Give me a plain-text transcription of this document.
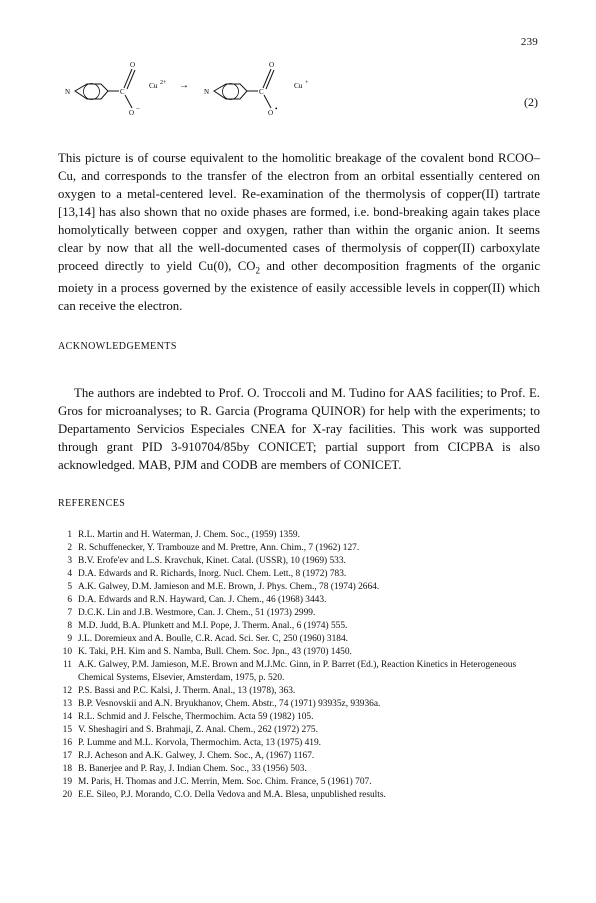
239
N	C
O
O −
Cu 2+ →
N	C
O
O •
Cu +
(2)

This picture is of course equivalent to the homolitic breakage of the covalent bond RCOO–Cu, and corresponds to the transfer of the electron from an orbital essentially centered on oxygen to a metal-centered level. Re-examination of the thermolysis of copper(II) tartrate [13,14] has also shown that no oxide phases are formed, i.e. bond-breaking again takes place homolytically between copper and oxygen, rather than within the organic anion. It seems clear by now that all the well-documented cases of thermolysis of copper(II) carboxylate proceed directly to yield Cu(0), $CO_2$ and other decomposition fragments of the organic moiety in a process governed by the existence of easily accessible levels in copper(II) which can receive the electron.

ACKNOWLEDGEMENTS

The authors are indebted to Prof. O. Troccoli and M. Tudino for AAS facilities; to Prof. E. Gros for microanalyses; to R. Garcia (Programa QUINOR) for help with the experiments; to Departamento Servicios Especiales CNEA for X-ray facilities. This work was supported through grant PID 3-910704/85by CONICET; partial support from CICPBA is also acknowledged. MAB, PJM and CODB are members of CONICET.

REFERENCES
1 R.L. Martin and H. Waterman, J. Chem. Soc., (1959) 1359.
2 R. Schuffenecker, Y. Trambouze and M. Prettre, Ann. Chim., 7 (1962) 127.
3 B.V. Erofe'ev and L.S. Kravchuk, Kinet. Catal. (USSR), 10 (1969) 533.
4 D.A. Edwards and R. Richards, Inorg. Nucl. Chem. Lett., 8 (1972) 783.
5 A.K. Galwey, D.M. Jamieson and M.E. Brown, J. Phys. Chem., 78 (1974) 2664.
6 D.A. Edwards and R.N. Hayward, Can. J. Chem., 46 (1968) 3443.
7 D.C.K. Lin and J.B. Westmore, Can. J. Chem., 51 (1973) 2999.
8 M.D. Judd, B.A. Plunkett and M.I. Pope, J. Therm. Anal., 6 (1974) 555.
9 J.L. Doremieux and A. Boulle, C.R. Acad. Sci. Ser. C, 250 (1960) 3184.
10 K. Taki, P.H. Kim and S. Namba, Bull. Chem. Soc. Jpn., 43 (1970) 1450.
11 A.K. Galwey, P.M. Jamieson, M.E. Brown and M.J.Mc. Ginn, in P. Barret (Ed.), Reaction Kinetics in Heterogeneous Chemical Systems, Elsevier, Amsterdam, 1975, p. 520.
12 P.S. Bassi and P.C. Kalsi, J. Therm. Anal., 13 (1978), 363.
13 B.P. Vesnovskii and A.N. Bryukhanov, Chem. Abstr., 74 (1971) 93935z, 93936a.
14 R.L. Schmid and J. Felsche, Thermochim. Acta 59 (1982) 105.
15 V. Sheshagiri and S. Brahmaji, Z. Anal. Chem., 262 (1972) 275.
16 P. Lumme and M.L. Korvola, Thermochim. Acta, 13 (1975) 419.
17 R.J. Acheson and A.K. Galwey, J. Chem. Soc., A, (1967) 1167.
18 B. Banerjee and P. Ray, J. Indian Chem. Soc., 33 (1956) 503.
19 M. Paris, H. Thomas and J.C. Merrin, Mem. Soc. Chim. France, 5 (1961) 707.
20 E.E. Sileo, P.J. Morando, C.O. Della Vedova and M.A. Blesa, unpublished results.
